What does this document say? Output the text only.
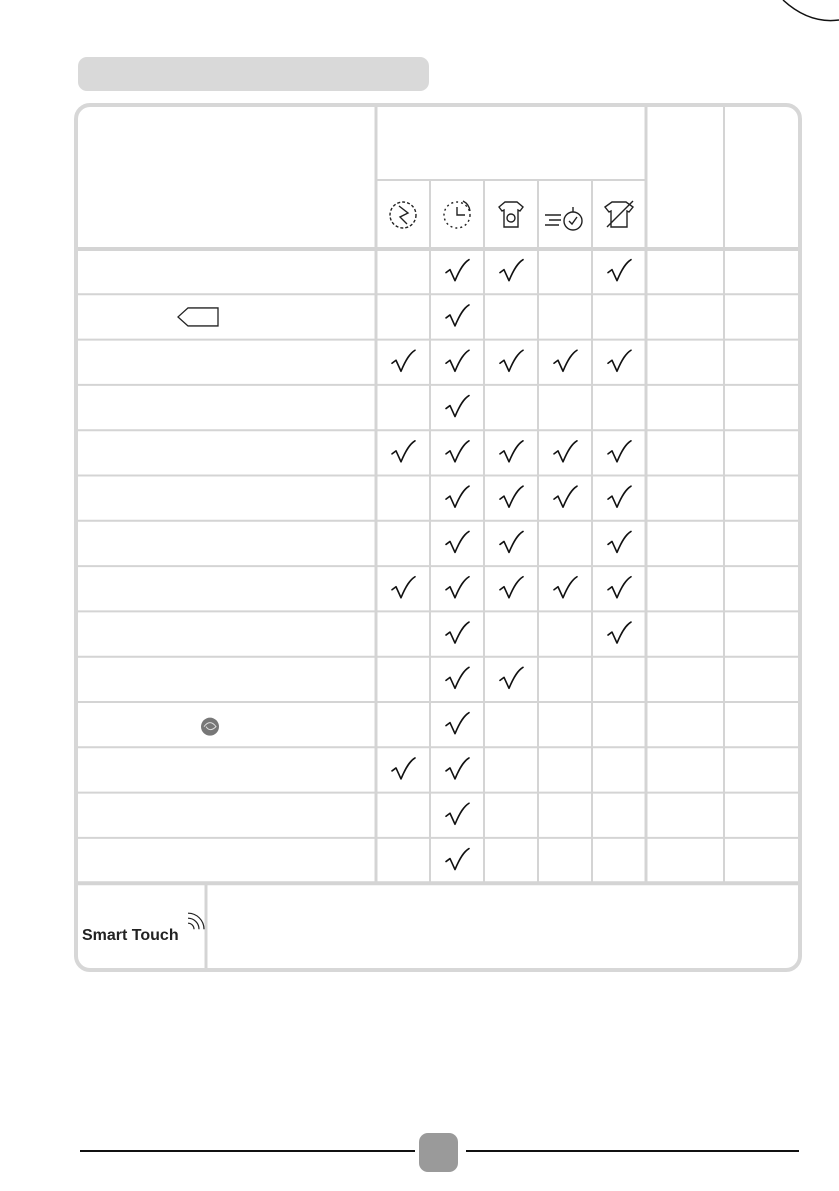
Smart Touch
